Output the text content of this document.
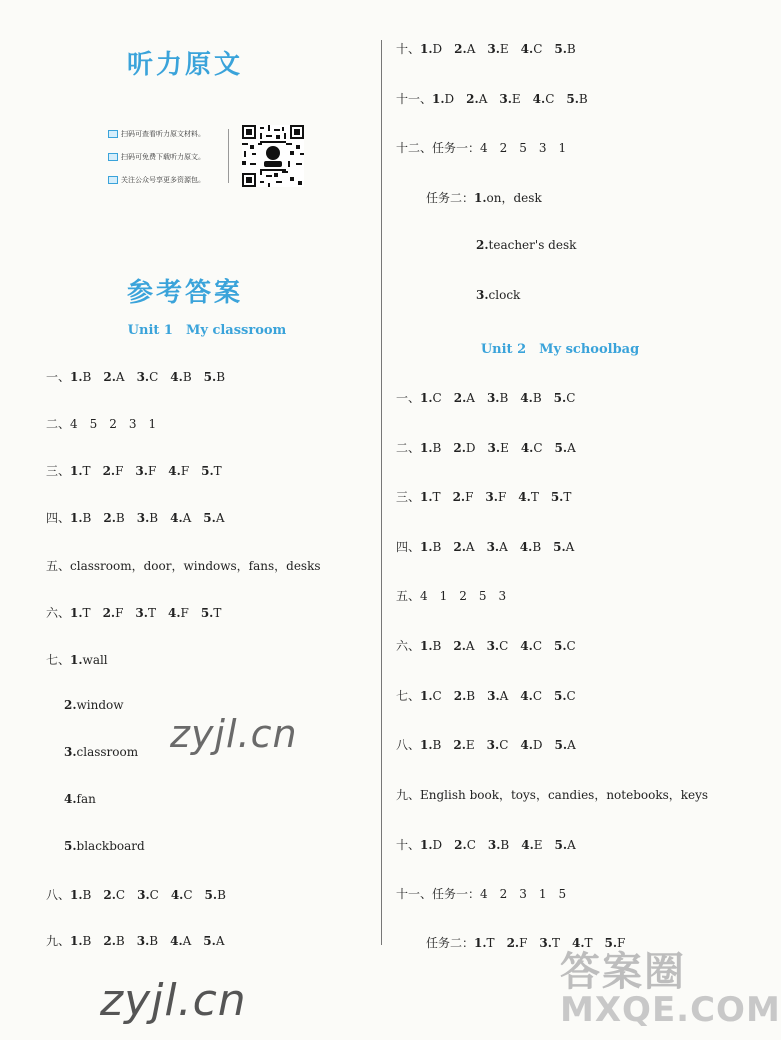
听力原文
扫码可查看听力原文材料。
扫码可免费下载听力原文。
关注公众号享更多资源包。
参考答案
Unit 1　My classroom
一、1.B  2.A  3.C  4.B  5.B
二、4　5　2　3　1
三、1.T  2.F  3.F  4.F  5.T
四、1.B  2.B  3.B  4.A  5.A
五、classroom，door，windows，fans，desks
六、1.T  2.F  3.T  4.F  5.T
七、1.wall
2.window
3.classroom
4.fan
5.blackboard
八、1.B  2.C  3.C  4.C  5.B
九、1.B  2.B  3.B  4.A  5.A
十、1.D  2.A  3.E  4.C  5.B
十一、1.D  2.A  3.E  4.C  5.B
十二、任务一：4　2　5　3　1
任务二：1.on，desk
2.teacher's desk
3.clock
Unit 2　My schoolbag
一、1.C  2.A  3.B  4.B  5.C
二、1.B  2.D  3.E  4.C  5.A
三、1.T  2.F  3.F  4.T  5.T
四、1.B  2.A  3.A  4.B  5.A
五、4　1　2　5　3
六、1.B  2.A  3.C  4.C  5.C
七、1.C  2.B  3.A  4.C  5.C
八、1.B  2.E  3.C  4.D  5.A
九、English book，toys，candies，notebooks，keys
十、1.D  2.C  3.B  4.E  5.A
十一、任务一：4　2　3　1　5
任务二：1.T  2.F  3.T  4.T  5.F
zyjl.cn
zyjl.cn
答案圈
MXQE.COM
